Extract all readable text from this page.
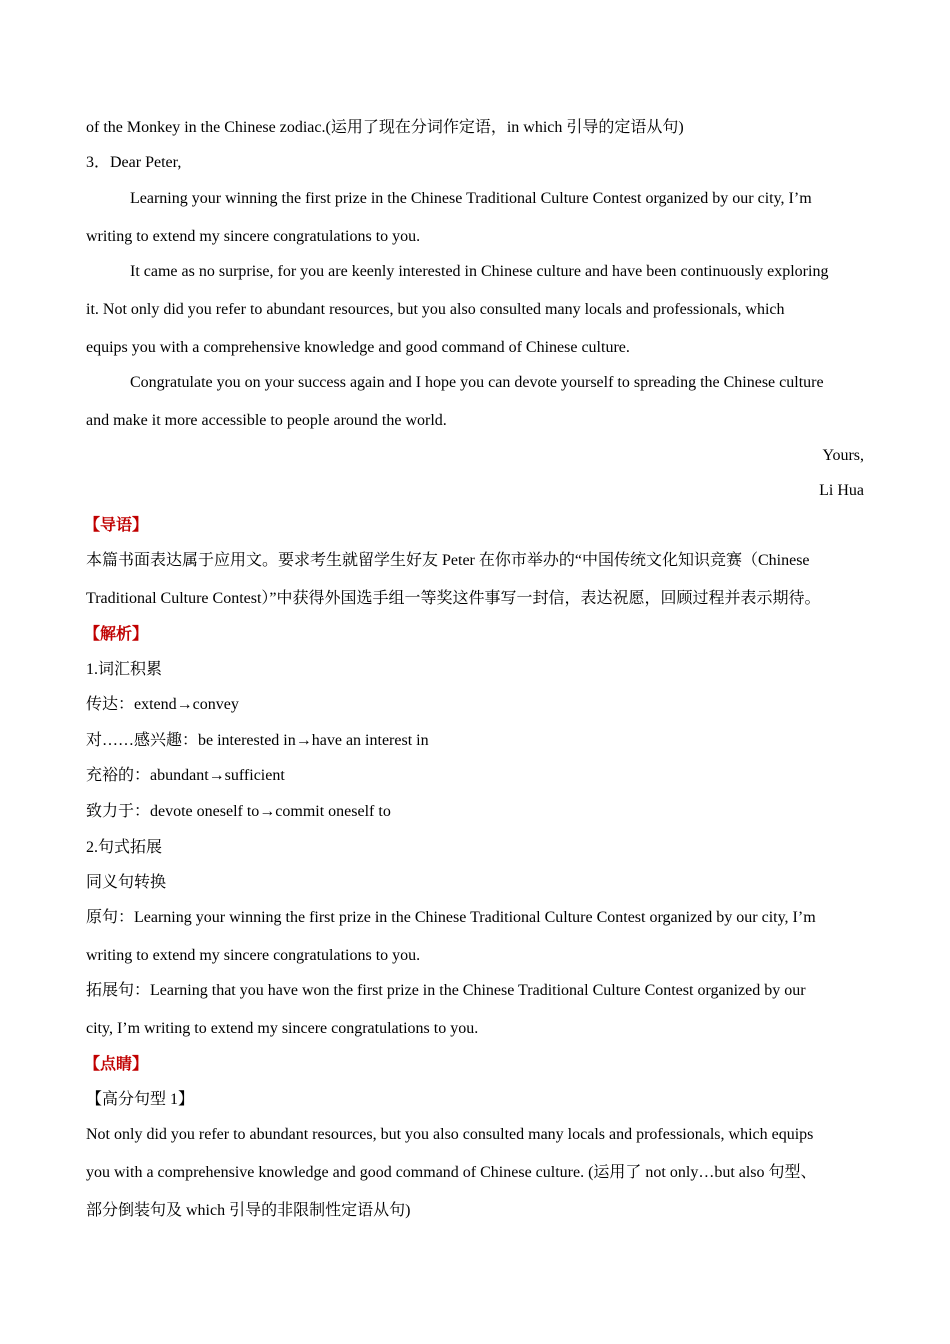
of the Monkey in the Chinese zodiac.(运用了现在分词作定语，in which 引导的定语从句)

3．Dear Peter,

Learning your winning the first prize in the Chinese Traditional Culture Contest organized by our city, I’m

writing to extend my sincere congratulations to you.

It came as no surprise, for you are keenly interested in Chinese culture and have been continuously exploring

it. Not only did you refer to abundant resources, but you also consulted many locals and professionals, which

equips you with a comprehensive knowledge and good command of Chinese culture.

Congratulate you on your success again and I hope you can devote yourself to spreading the Chinese culture

and make it more accessible to people around the world.

Yours,

Li Hua

【导语】

本篇书面表达属于应用文。要求考生就留学生好友 Peter 在你市举办的“中国传统文化知识竞赛（Chinese

Traditional Culture Contest）”中获得外国选手组一等奖这件事写一封信，表达祝愿，回顾过程并表示期待。

【解析】

1.词汇积累

传达：extend→convey

对……感兴趣：be interested in→have an interest in

充裕的：abundant→sufficient

致力于：devote oneself to→commit oneself to

2.句式拓展

同义句转换

原句：Learning your winning the first prize in the Chinese Traditional Culture Contest organized by our city, I’m

writing to extend my sincere congratulations to you.

拓展句：Learning that you have won the first prize in the Chinese Traditional Culture Contest organized by our

city, I’m writing to extend my sincere congratulations to you.

【点睛】

【高分句型 1】

Not only did you refer to abundant resources, but you also consulted many locals and professionals, which equips

you with a comprehensive knowledge and good command of Chinese culture. (运用了 not only…but also 句型、

部分倒装句及 which 引导的非限制性定语从句)
